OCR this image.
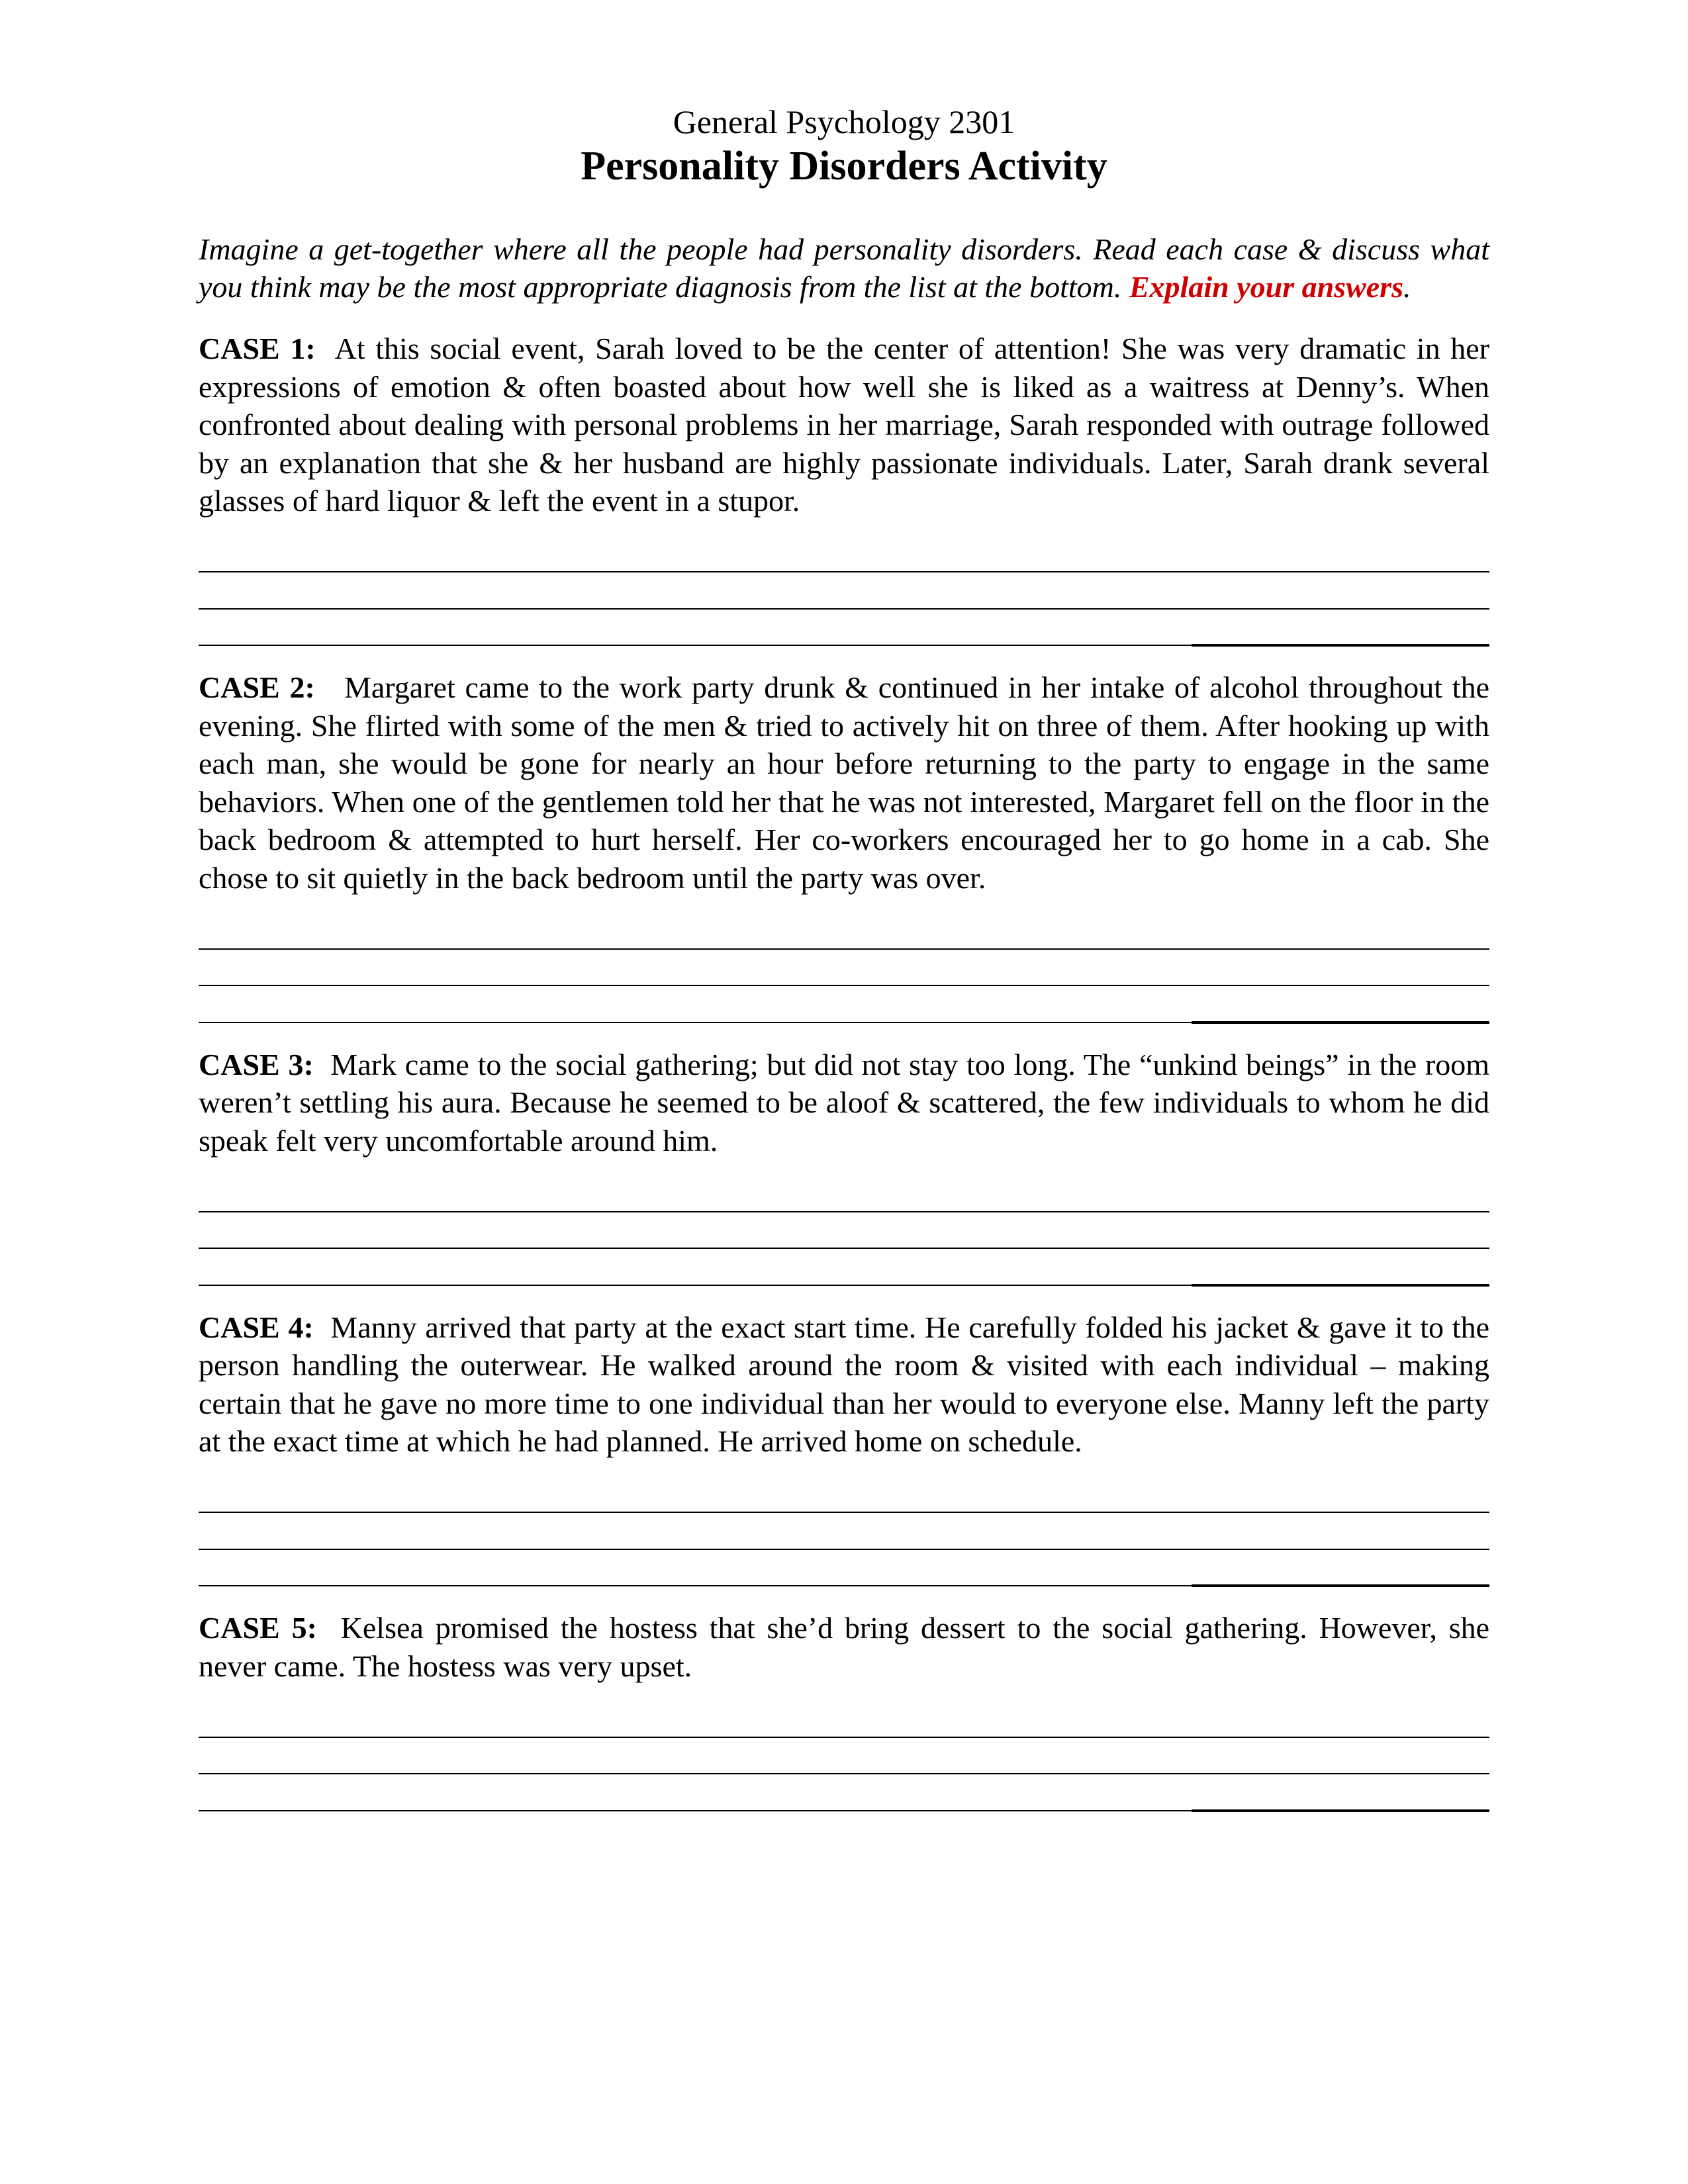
General Psychology 2301

Personality Disorders Activity

Imagine a get-together where all the people had personality disorders. Read each case & discuss what you think may be the most appropriate diagnosis from the list at the bottom. Explain your answers.

CASE 1: At this social event, Sarah loved to be the center of attention! She was very dramatic in her expressions of emotion & often boasted about how well she is liked as a waitress at Denny’s. When confronted about dealing with personal problems in her marriage, Sarah responded with outrage followed by an explanation that she & her husband are highly passionate individuals. Later, Sarah drank several glasses of hard liquor & left the event in a stupor.

CASE 2: Margaret came to the work party drunk & continued in her intake of alcohol throughout the evening. She flirted with some of the men & tried to actively hit on three of them. After hooking up with each man, she would be gone for nearly an hour before returning to the party to engage in the same behaviors. When one of the gentlemen told her that he was not interested, Margaret fell on the floor in the back bedroom & attempted to hurt herself. Her co-workers encouraged her to go home in a cab. She chose to sit quietly in the back bedroom until the party was over.

CASE 3: Mark came to the social gathering; but did not stay too long. The “unkind beings” in the room weren’t settling his aura. Because he seemed to be aloof & scattered, the few individuals to whom he did speak felt very uncomfortable around him.

CASE 4: Manny arrived that party at the exact start time. He carefully folded his jacket & gave it to the person handling the outerwear. He walked around the room & visited with each individual – making certain that he gave no more time to one individual than her would to everyone else. Manny left the party at the exact time at which he had planned. He arrived home on schedule.

CASE 5: Kelsea promised the hostess that she’d bring dessert to the social gathering. However, she never came. The hostess was very upset.
